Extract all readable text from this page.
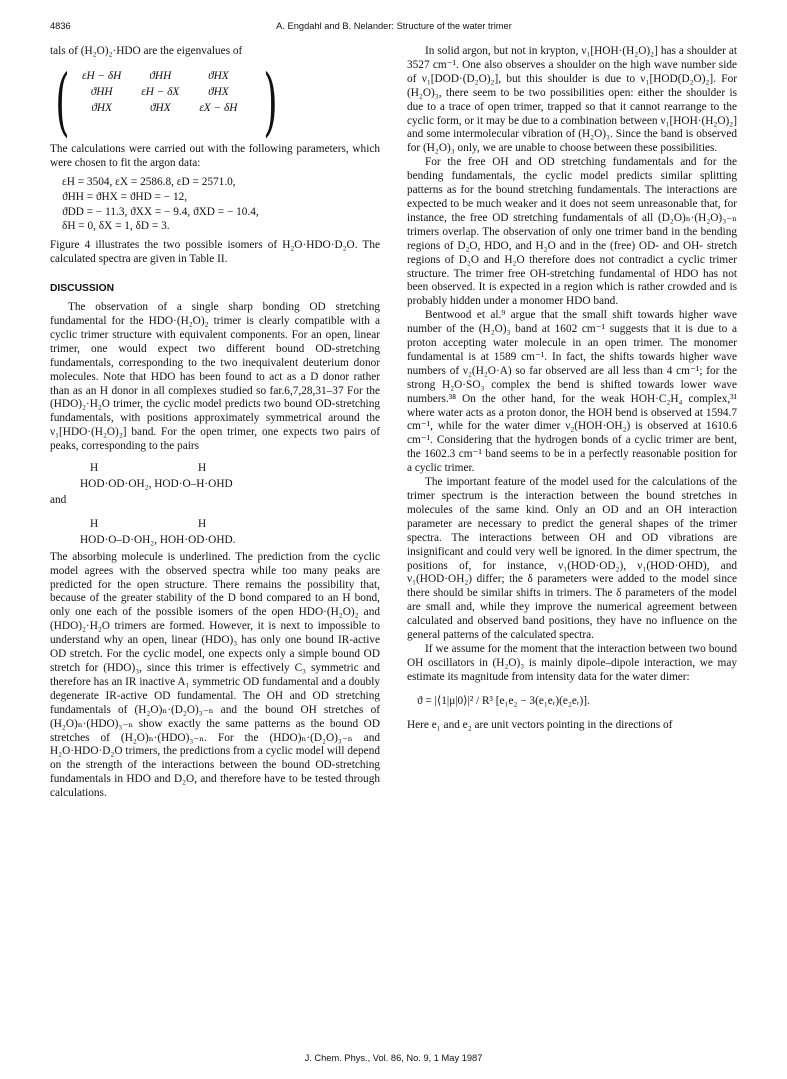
4836	A. Engdahl and B. Nelander: Structure of the water trimer

tals of (H₂O)₂·HDO are the eigenvalues of

( εH − δH	ϑHH	ϑHX
ϑHH	εH − δX	ϑHX
ϑHX	ϑHX	εX − δH )

The calculations were carried out with the following parameters, which were chosen to fit the argon data:

εH = 3504, εX = 2586.8, εD = 2571.0,

ϑHH = ϑHX = ϑHD = − 12,

ϑDD = − 11.3, ϑXX = − 9.4, ϑXD = − 10.4,

δH = 0, δX = 1, δD = 3.

Figure 4 illustrates the two possible isomers of H₂O·HDO·D₂O. The calculated spectra are given in Table II.

DISCUSSION

The observation of a single sharp bonding OD stretching fundamental for the HDO·(H₂O)₂ trimer is clearly compatible with a cyclic trimer structure with equivalent components. For an open, linear trimer, one would expect two different bound OD-stretching fundamentals, corresponding to the two inequivalent deuterium donor molecules. Note that HDO has been found to act as a D donor rather than as an H donor in all complexes studied so far.6,7,28,31–37 For the (HDO)₂·H₂O trimer, the cyclic model predicts two bound OD-stretching fundamentals, with positions approximately symmetrical around the ν₁[HDO·(H₂O)₂] band. For the open trimer, one expects two pairs of peaks, corresponding to the pairs

H	H
HOD·OD·OH₂, HOD·O–H·OHD
and
H	H
HOD·O–D·OH₂, HOH·OD·OHD.

The absorbing molecule is underlined. The prediction from the cyclic model agrees with the observed spectra while too many peaks are predicted for the open structure. There remains the possibility that, because of the greater stability of the D bond compared to an H bond, only one each of the possible isomers of the open HDO·(H₂O)₂ and (HDO)₂·H₂O trimers are formed. However, it is next to impossible to understand why an open, linear (HDO)₃ has only one bound IR-active OD stretch. For the cyclic model, one expects only a simple bound OD stretch for (HDO)₃, since this trimer is effectively C₃ symmetric and therefore has an IR inactive A₁ symmetric OD fundamental and a doubly degenerate IR-active OD fundamental. The OH and OD stretching fundamentals of (H₂O)ₙ·(D₂O)₃₋ₙ and the bound OH stretches of (H₂O)ₙ·(HDO)₃₋ₙ show exactly the same patterns as the bound OD stretches of (H₂O)ₙ·(HDO)₃₋ₙ. For the (HDO)ₙ·(D₂O)₃₋ₙ and H₂O·HDO·D₂O trimers, the predictions from a cyclic model will depend on the strength of the interactions between the bound OD-stretching fundamentals in HDO and D₂O, and therefore have to be tested through calculations.

In solid argon, but not in krypton, ν₁[HOH·(H₂O)₂] has a shoulder at 3527 cm⁻¹. One also observes a shoulder on the high wave number side of ν₁[DOD·(D₂O)₂], but this shoulder is due to ν₁[HOD(D₂O)₂]. For (H₂O)₃, there seem to be two possibilities open: either the shoulder is due to a trace of open trimer, trapped so that it cannot rearrange to the cyclic form, or it may be due to a combination between ν₁[HOH·(H₂O)₂] and some intermolecular vibration of (H₂O)₃. Since the band is observed for (H₂O)₃ only, we are unable to choose between these possibilities.

For the free OH and OD stretching fundamentals and for the bending fundamentals, the cyclic model predicts similar splitting patterns as for the bound stretching fundamentals. The interactions are expected to be much weaker and it does not seem unreasonable that, for instance, the free OD stretching fundamentals of all (D₂O)ₙ·(H₂O)₃₋ₙ trimers overlap. The observation of only one trimer band in the bending regions of D₂O, HDO, and H₂O and in the (free) OD- and OH- stretch regions of D₂O and H₂O therefore does not contradict a cyclic trimer structure. The trimer free OH-stretching fundamental of HDO has not been observed. It is expected in a region which is rather crowded and is probably hidden under a monomer HDO band.

Bentwood et al.⁹ argue that the small shift towards higher wave number of the (H₂O)₃ band at 1602 cm⁻¹ suggests that it is due to a proton accepting water molecule in an open trimer. The monomer fundamental is at 1589 cm⁻¹. In fact, the shifts towards higher wave numbers of ν₂(H₂O·A) so far observed are all less than 4 cm⁻¹; for the strong H₂O·SO₃ complex the bend is shifted towards lower wave numbers.³⁸ On the other hand, for the weak HOH·C₂H₄ complex,³¹ where water acts as a proton donor, the HOH bend is observed at 1594.7 cm⁻¹, while for the water dimer ν₂(HOH·OH₂) is observed at 1610.6 cm⁻¹. Considering that the hydrogen bonds of a cyclic trimer are bent, the 1602.3 cm⁻¹ band seems to be in a perfectly reasonable position for a cyclic trimer.

The important feature of the model used for the calculations of the trimer spectrum is the interaction between the bound stretches in molecules of the same kind. Only an OD and an OH interaction parameter are necessary to predict the general shapes of the trimer spectra. The interactions between OH and OD vibrations are insignificant and could very well be ignored. In the dimer spectrum, the positions of, for instance, ν₁(HOD·OD₂), ν₁(HOD·OHD), and ν₁(HOD·OH₂) differ; the δ parameters were added to the model since there should be similar shifts in trimers. The δ parameters of the model are small and, while they improve the numerical agreement between calculated and observed band positions, they have no influence on the general patterns of the calculated spectra.

If we assume for the moment that the interaction between two bound OH oscillators in (H₂O)₃ is mainly dipole–dipole interaction, we may estimate its magnitude from intensity data for the water dimer:

ϑ = |⟨1|μ|0⟩|² / R³ [e₁e₂ − 3(e₁eᵣ)(e₂eᵣ)].

Here e₁ and e₂ are unit vectors pointing in the directions of

J. Chem. Phys., Vol. 86, No. 9, 1 May 1987
